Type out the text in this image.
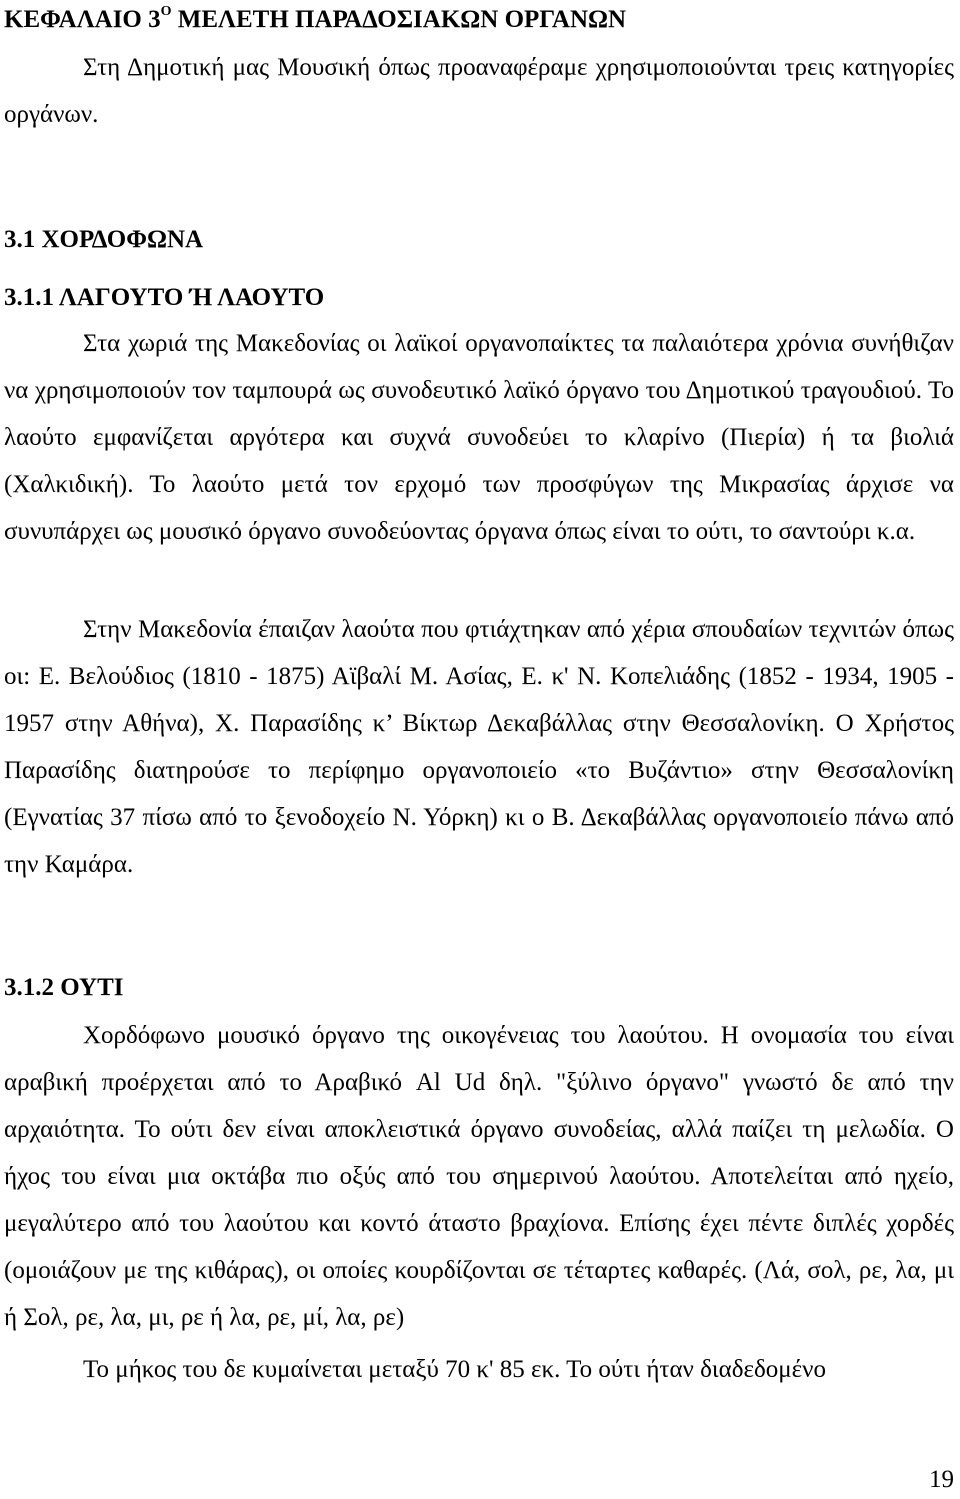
ΚΕΦΑΛΑΙΟ $3^O$ ΜΕΛΕΤΗ ΠΑΡΑΔΟΣΙΑΚΩΝ ΟΡΓΑΝΩΝ

Στη Δημοτική μας Μουσική όπως προαναφέραμε χρησιμοποιούνται τρεις κατηγορίες οργάνων.

3.1 ΧΟΡΔΟΦΩΝΑ
3.1.1 ΛΑΓΟΥΤΟ Ή ΛΑΟΥΤΟ

Στα χωριά της Μακεδονίας οι λαϊκοί οργανοπαίκτες τα παλαιότερα χρόνια συνήθιζαν να χρησιμοποιούν τον ταμπουρά ως συνοδευτικό λαϊκό όργανο του Δημοτικού τραγουδιού. Το λαούτο εμφανίζεται αργότερα και συχνά συνοδεύει το κλαρίνο (Πιερία) ή τα βιολιά (Χαλκιδική). Το λαούτο μετά τον ερχομό των προσφύγων της Μικρασίας άρχισε να συνυπάρχει ως μουσικό όργανο συνοδεύοντας όργανα όπως είναι το ούτι, το σαντούρι κ.α.

Στην Μακεδονία έπαιζαν λαούτα που φτιάχτηκαν από χέρια σπουδαίων τεχνιτών όπως οι: Ε. Βελούδιος (1810 - 1875) Αϊβαλί Μ. Ασίας, Ε. κ' Ν. Κοπελιάδης (1852 - 1934, 1905 - 1957 στην Αθήνα), Χ. Παρασίδης κ’ Βίκτωρ Δεκαβάλλας στην Θεσσαλονίκη. Ο Χρήστος Παρασίδης διατηρούσε το περίφημο οργανοποιείο «το Βυζάντιο» στην Θεσσαλονίκη (Εγνατίας 37 πίσω από το ξενοδοχείο Ν. Υόρκη) κι ο Β. Δεκαβάλλας οργανοποιείο πάνω από την Καμάρα.

3.1.2 ΟΥΤΙ

Χορδόφωνο μουσικό όργανο της οικογένειας του λαούτου. Η ονομασία του είναι αραβική προέρχεται από το Αραβικό Al Ud δηλ. "ξύλινο όργανο" γνωστό δε από την αρχαιότητα. Το ούτι δεν είναι αποκλειστικά όργανο συνοδείας, αλλά παίζει τη μελωδία. Ο ήχος του είναι μια οκτάβα πιο οξύς από του σημερινού λαούτου. Αποτελείται από ηχείο, μεγαλύτερο από του λαούτου και κοντό άταστο βραχίονα. Επίσης έχει πέντε διπλές χορδές (ομοιάζουν με της κιθάρας), οι οποίες κουρδίζονται σε τέταρτες καθαρές. (Λά, σολ, ρε, λα, μι ή Σολ, ρε, λα, μι, ρε ή λα, ρε, μί, λα, ρε)

Το μήκος του δε κυμαίνεται μεταξύ 70 κ' 85 εκ. Το ούτι ήταν διαδεδομένο

19
